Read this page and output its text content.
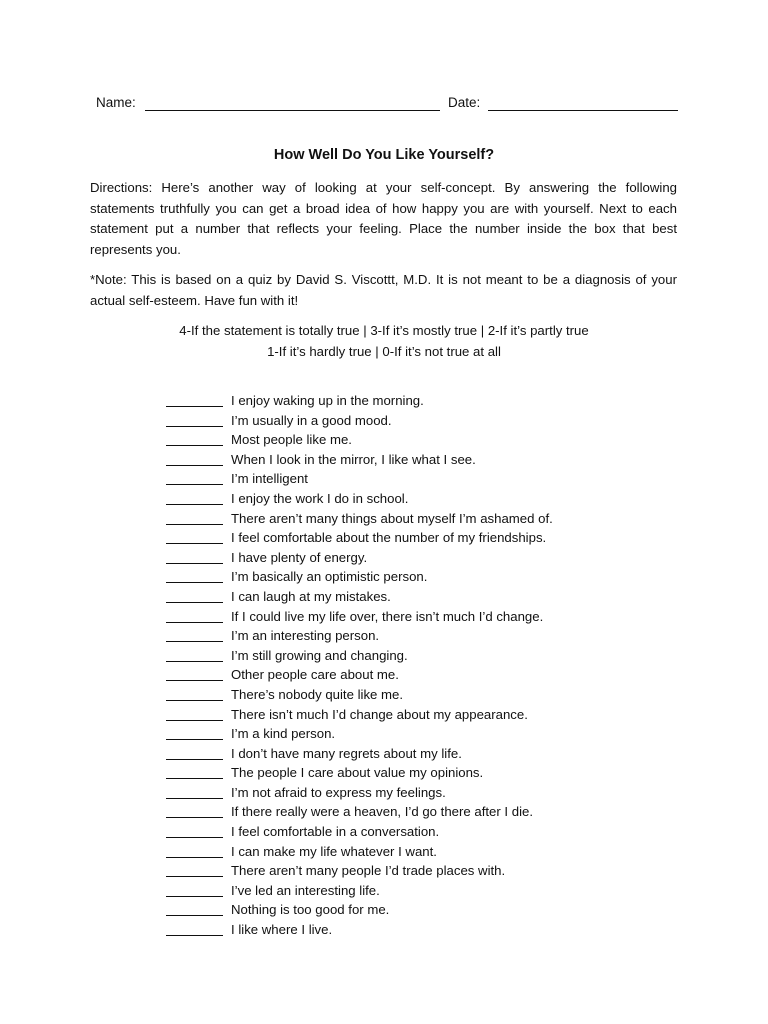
Name:	Date:
How Well Do You Like Yourself?
Directions: Here’s another way of looking at your self-concept. By answering the following statements truthfully you can get a broad idea of how happy you are with yourself. Next to each statement put a number that reflects your feeling. Place the number inside the box that best represents you.
*Note: This is based on a quiz by David S. Viscottt, M.D. It is not meant to be a diagnosis of your actual self-esteem. Have fun with it!
4-If the statement is totally true | 3-If it’s mostly true | 2-If it’s partly true
1-If it’s hardly true | 0-If it’s not true at all
I enjoy waking up in the morning.
I’m usually in a good mood.
Most people like me.
When I look in the mirror, I like what I see.
I’m intelligent
I enjoy the work I do in school.
There aren’t many things about myself I’m ashamed of.
I feel comfortable about the number of my friendships.
I have plenty of energy.
I’m basically an optimistic person.
I can laugh at my mistakes.
If I could live my life over, there isn’t much I’d change.
I’m an interesting person.
I’m still growing and changing.
Other people care about me.
There’s nobody quite like me.
There isn’t much I’d change about my appearance.
I’m a kind person.
I don’t have many regrets about my life.
The people I care about value my opinions.
I’m not afraid to express my feelings.
If there really were a heaven, I’d go there after I die.
I feel comfortable in a conversation.
I can make my life whatever I want.
There aren’t many people I’d trade places with.
I’ve led an interesting life.
Nothing is too good for me.
I like where I live.
